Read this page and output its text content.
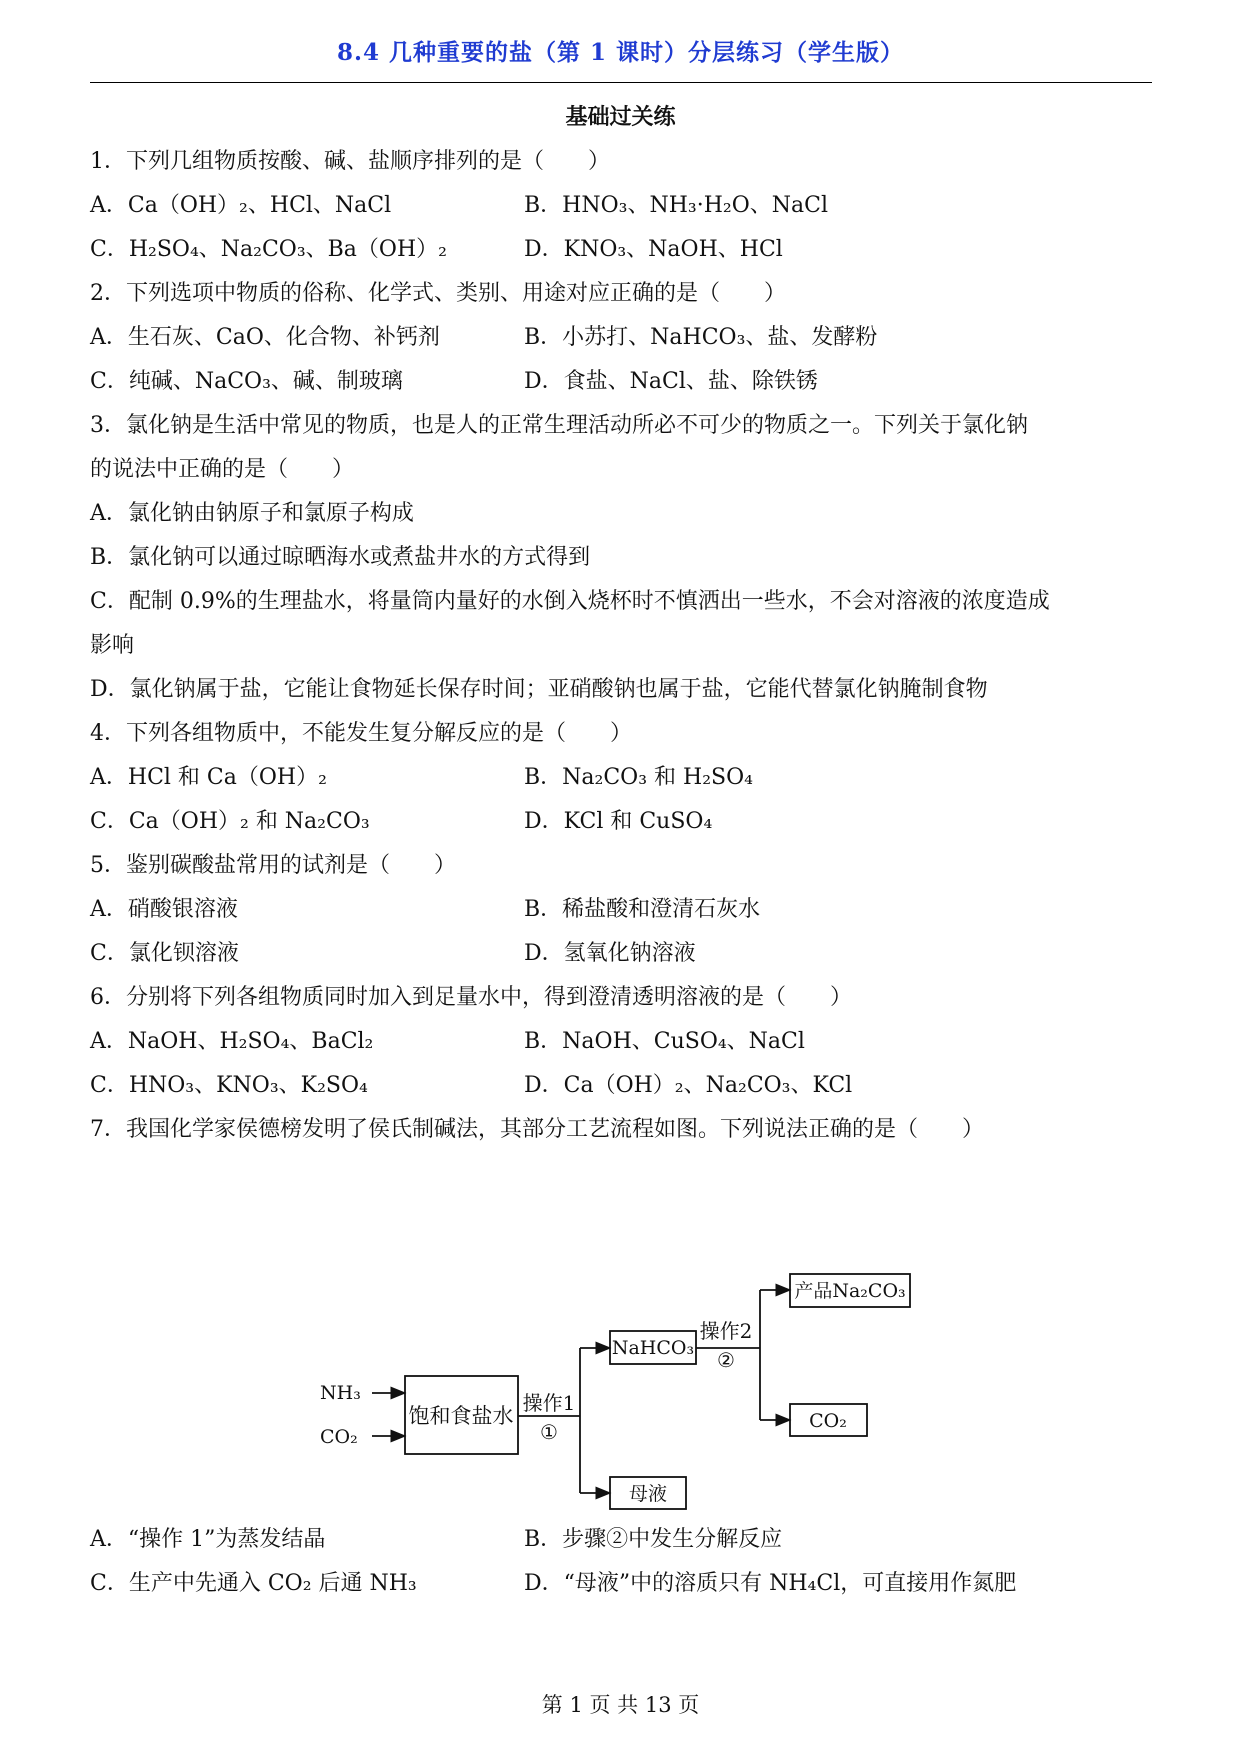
8.4 几种重要的盐（第 1 课时）分层练习（学生版）
基础过关练
1．下列几组物质按酸、碱、盐顺序排列的是（　　）
A．Ca（OH）₂、HCl、NaCl	B．HNO₃、NH₃·H₂O、NaCl
C．H₂SO₄、Na₂CO₃、Ba（OH）₂	D．KNO₃、NaOH、HCl
2．下列选项中物质的俗称、化学式、类别、用途对应正确的是（　　）
A．生石灰、CaO、化合物、补钙剂	B．小苏打、NaHCO₃、盐、发酵粉
C．纯碱、NaCO₃、碱、制玻璃	D．食盐、NaCl、盐、除铁锈
3．氯化钠是生活中常见的物质，也是人的正常生理活动所必不可少的物质之一。下列关于氯化钠
的说法中正确的是（　　）
A．氯化钠由钠原子和氯原子构成
B．氯化钠可以通过晾晒海水或煮盐井水的方式得到
C．配制 0.9%的生理盐水，将量筒内量好的水倒入烧杯时不慎洒出一些水，不会对溶液的浓度造成
影响
D．氯化钠属于盐，它能让食物延长保存时间；亚硝酸钠也属于盐，它能代替氯化钠腌制食物
4．下列各组物质中，不能发生复分解反应的是（　　）
A．HCl 和 Ca（OH）₂	B．Na₂CO₃ 和 H₂SO₄
C．Ca（OH）₂ 和 Na₂CO₃	D．KCl 和 CuSO₄
5．鉴别碳酸盐常用的试剂是（　　）
A．硝酸银溶液	B．稀盐酸和澄清石灰水
C．氯化钡溶液	D．氢氧化钠溶液
6．分别将下列各组物质同时加入到足量水中，得到澄清透明溶液的是（　　）
A．NaOH、H₂SO₄、BaCl₂	B．NaOH、CuSO₄、NaCl
C．HNO₃、KNO₃、K₂SO₄	D．Ca（OH）₂、Na₂CO₃、KCl
7．我国化学家侯德榜发明了侯氏制碱法，其部分工艺流程如图。下列说法正确的是（　　）
NH₃
CO₂
饱和食盐水
操作1
①
NaHCO₃
操作2
②
产品Na₂CO₃
CO₂
母液
A．“操作 1”为蒸发结晶	B．步骤②中发生分解反应
C．生产中先通入 CO₂ 后通 NH₃	D．“母液”中的溶质只有 NH₄Cl，可直接用作氮肥
第 1 页 共 13 页
